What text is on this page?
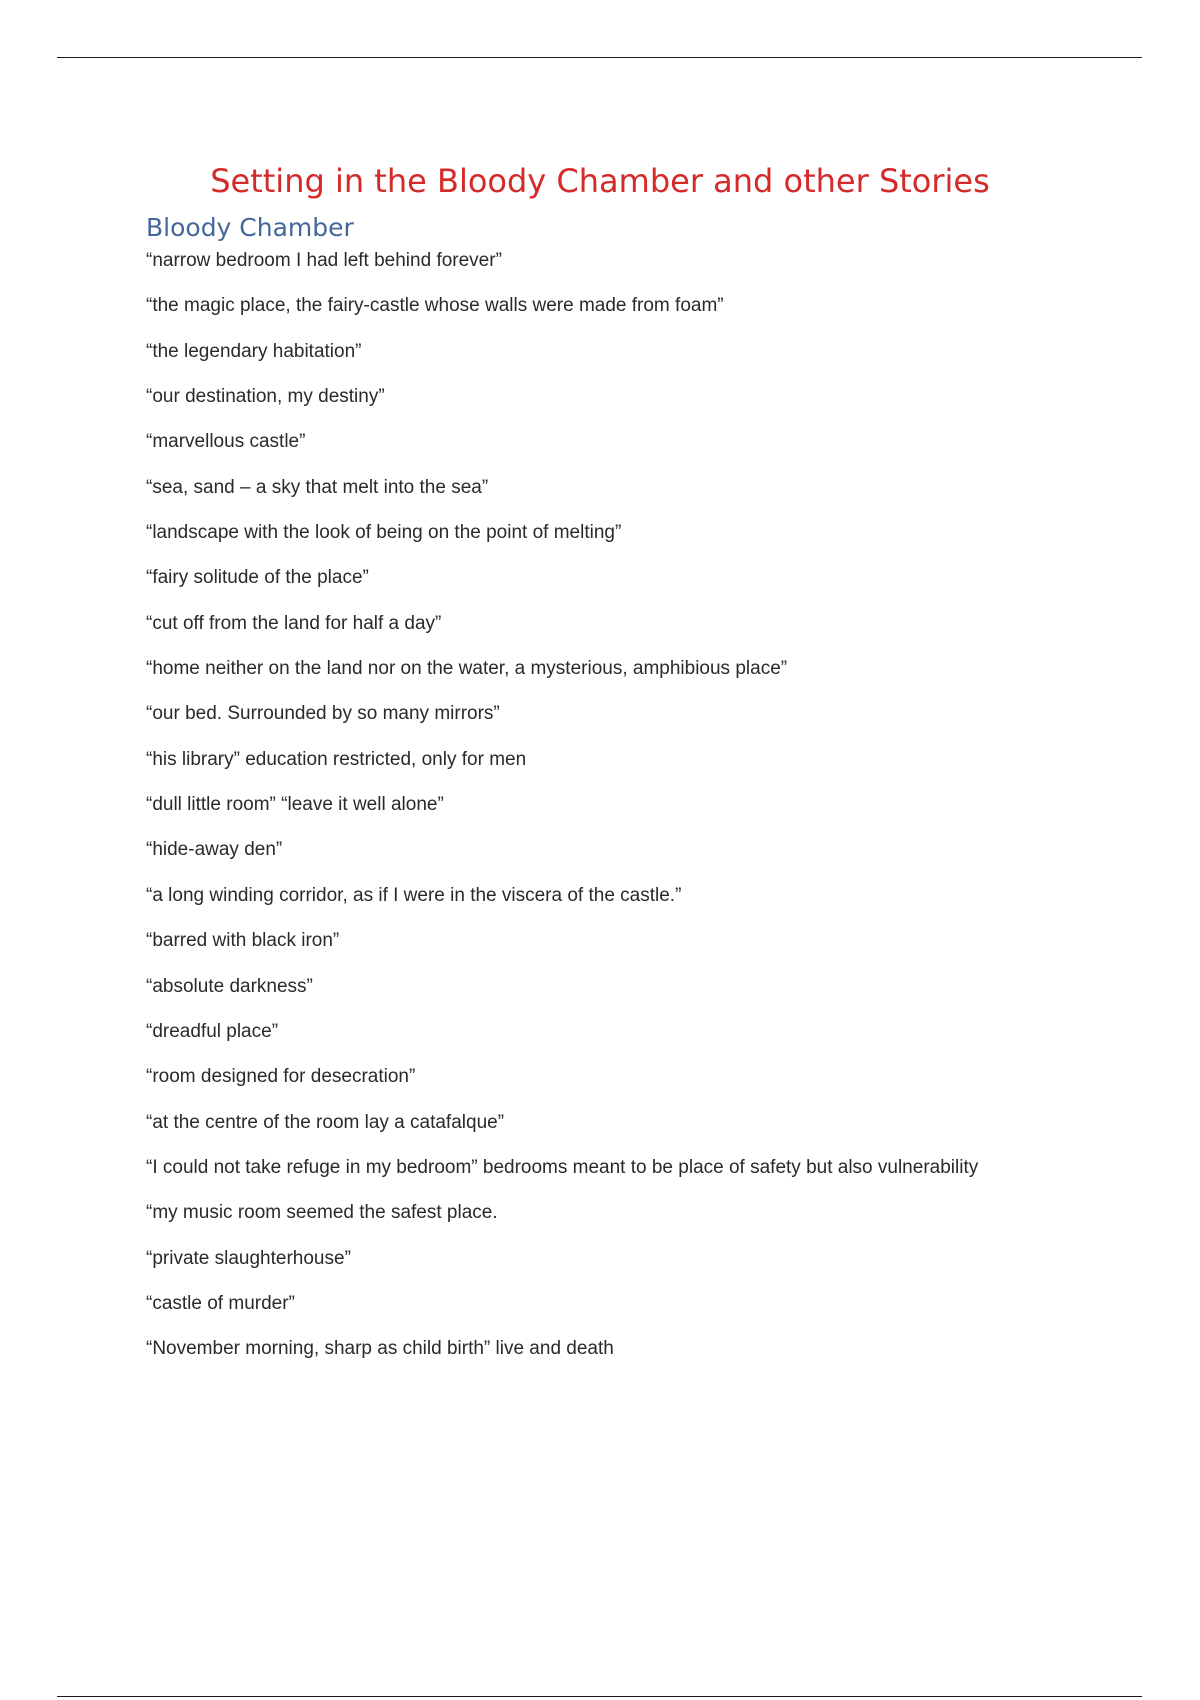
Setting in the Bloody Chamber and other Stories
Bloody Chamber
“narrow bedroom I had left behind forever”
“the magic place, the fairy-castle whose walls were made from foam”
“the legendary habitation”
“our destination, my destiny”
“marvellous castle”
“sea, sand – a sky that melt into the sea”
“landscape with the look of being on the point of melting”
“fairy solitude of the place”
“cut off from the land for half a day”
“home neither on the land nor on the water, a mysterious, amphibious place”
“our bed. Surrounded by so many mirrors”
“his library” education restricted, only for men
“dull little room” “leave it well alone”
“hide-away den”
“a long winding corridor, as if I were in the viscera of the castle.”
“barred with black iron”
“absolute darkness”
“dreadful place”
“room designed for desecration”
“at the centre of the room lay a catafalque”
“I could not take refuge in my bedroom” bedrooms meant to be place of safety but also vulnerability
“my music room seemed the safest place.
“private slaughterhouse”
“castle of murder”
“November morning, sharp as child birth” live and death
